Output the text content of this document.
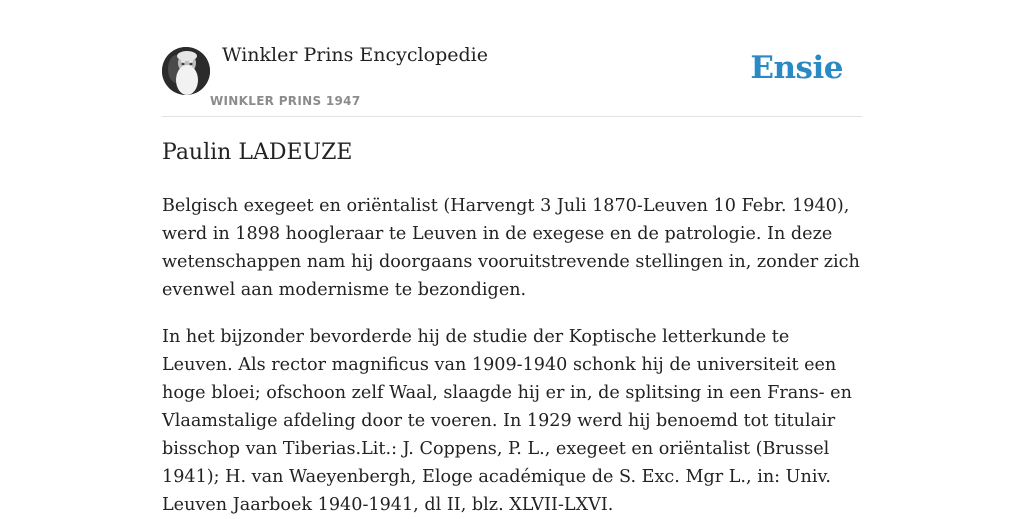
Winkler Prins Encyclopedie
WINKLER PRINS 1947
Ensie
Paulin LADEUZE

Belgisch exegeet en oriëntalist (Harvengt 3 Juli 1870-Leuven 10 Febr. 1940), werd in 1898 hoogleraar te Leuven in de exegese en de patrologie. In deze wetenschappen nam hij doorgaans vooruitstrevende stellingen in, zonder zich evenwel aan modernisme te bezondigen.

In het bijzonder bevorderde hij de studie der Koptische letterkunde te Leuven. Als rector magnificus van 1909-1940 schonk hij de universiteit een hoge bloei; ofschoon zelf Waal, slaagde hij er in, de splitsing in een Frans- en Vlaamstalige afdeling door te voeren. In 1929 werd hij benoemd tot titulair bisschop van Tiberias.Lit.: J. Coppens, P. L., exegeet en oriëntalist (Brussel 1941); H. van Waeyenbergh, Eloge académique de S. Exc. Mgr L., in: Univ. Leuven Jaarboek 1940-1941, dl II, blz. XLVII-LXVI.
